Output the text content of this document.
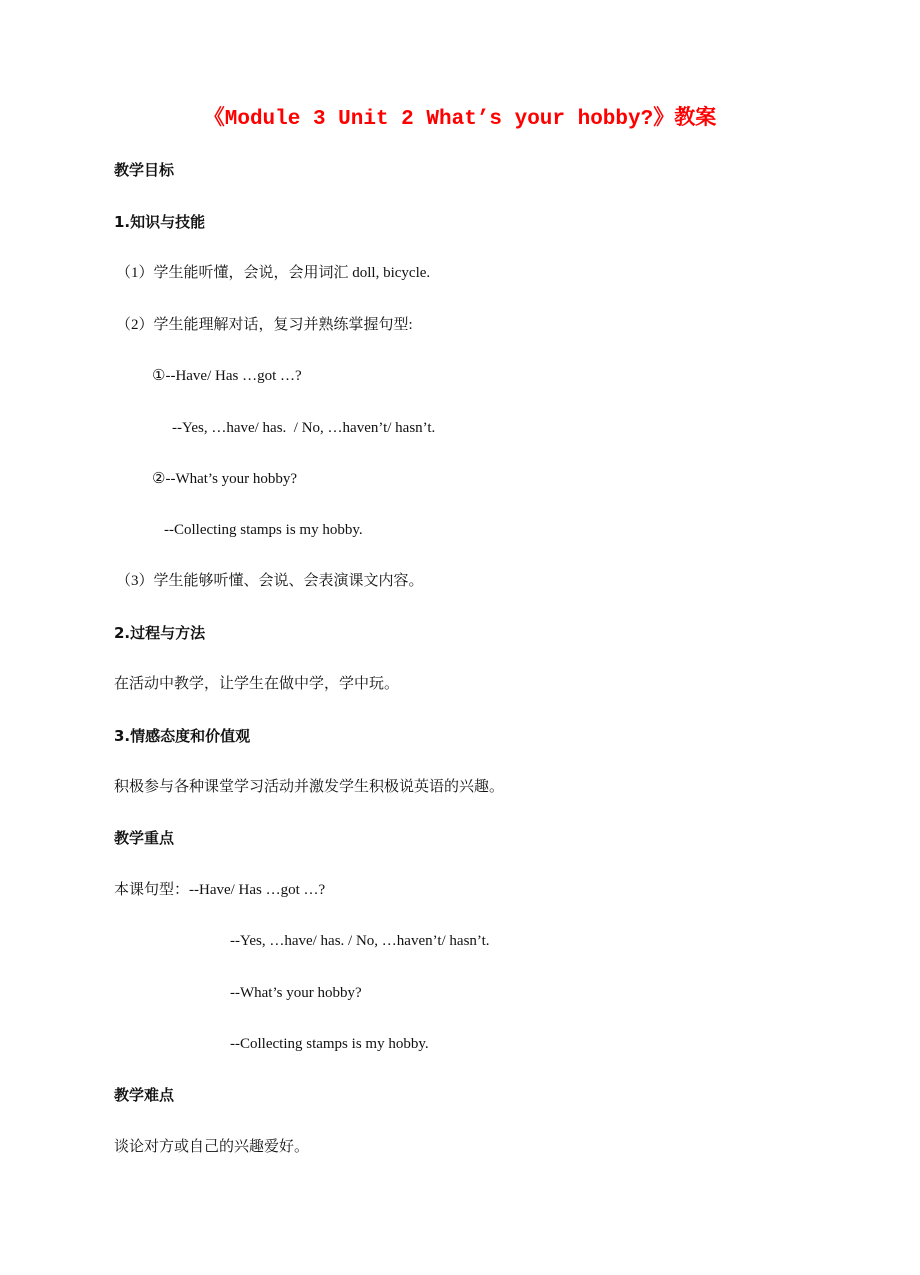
《Module 3 Unit 2 What’s your hobby?》教案
教学目标
1.知识与技能
（1）学生能听懂，会说，会用词汇 doll, bicycle.
（2）学生能理解对话，复习并熟练掌握句型:
①--Have/ Has …got …?
--Yes, …have/ has.  / No, …haven’t/ hasn’t.
②--What’s your hobby?
--Collecting stamps is my hobby.
（3）学生能够听懂、会说、会表演课文内容。
2.过程与方法
在活动中教学，让学生在做中学，学中玩。
3.情感态度和价值观
积极参与各种课堂学习活动并激发学生积极说英语的兴趣。
教学重点
本课句型：--Have/ Has …got …?
--Yes, …have/ has. / No, …haven’t/ hasn’t.
--What’s your hobby?
--Collecting stamps is my hobby.
教学难点
谈论对方或自己的兴趣爱好。
